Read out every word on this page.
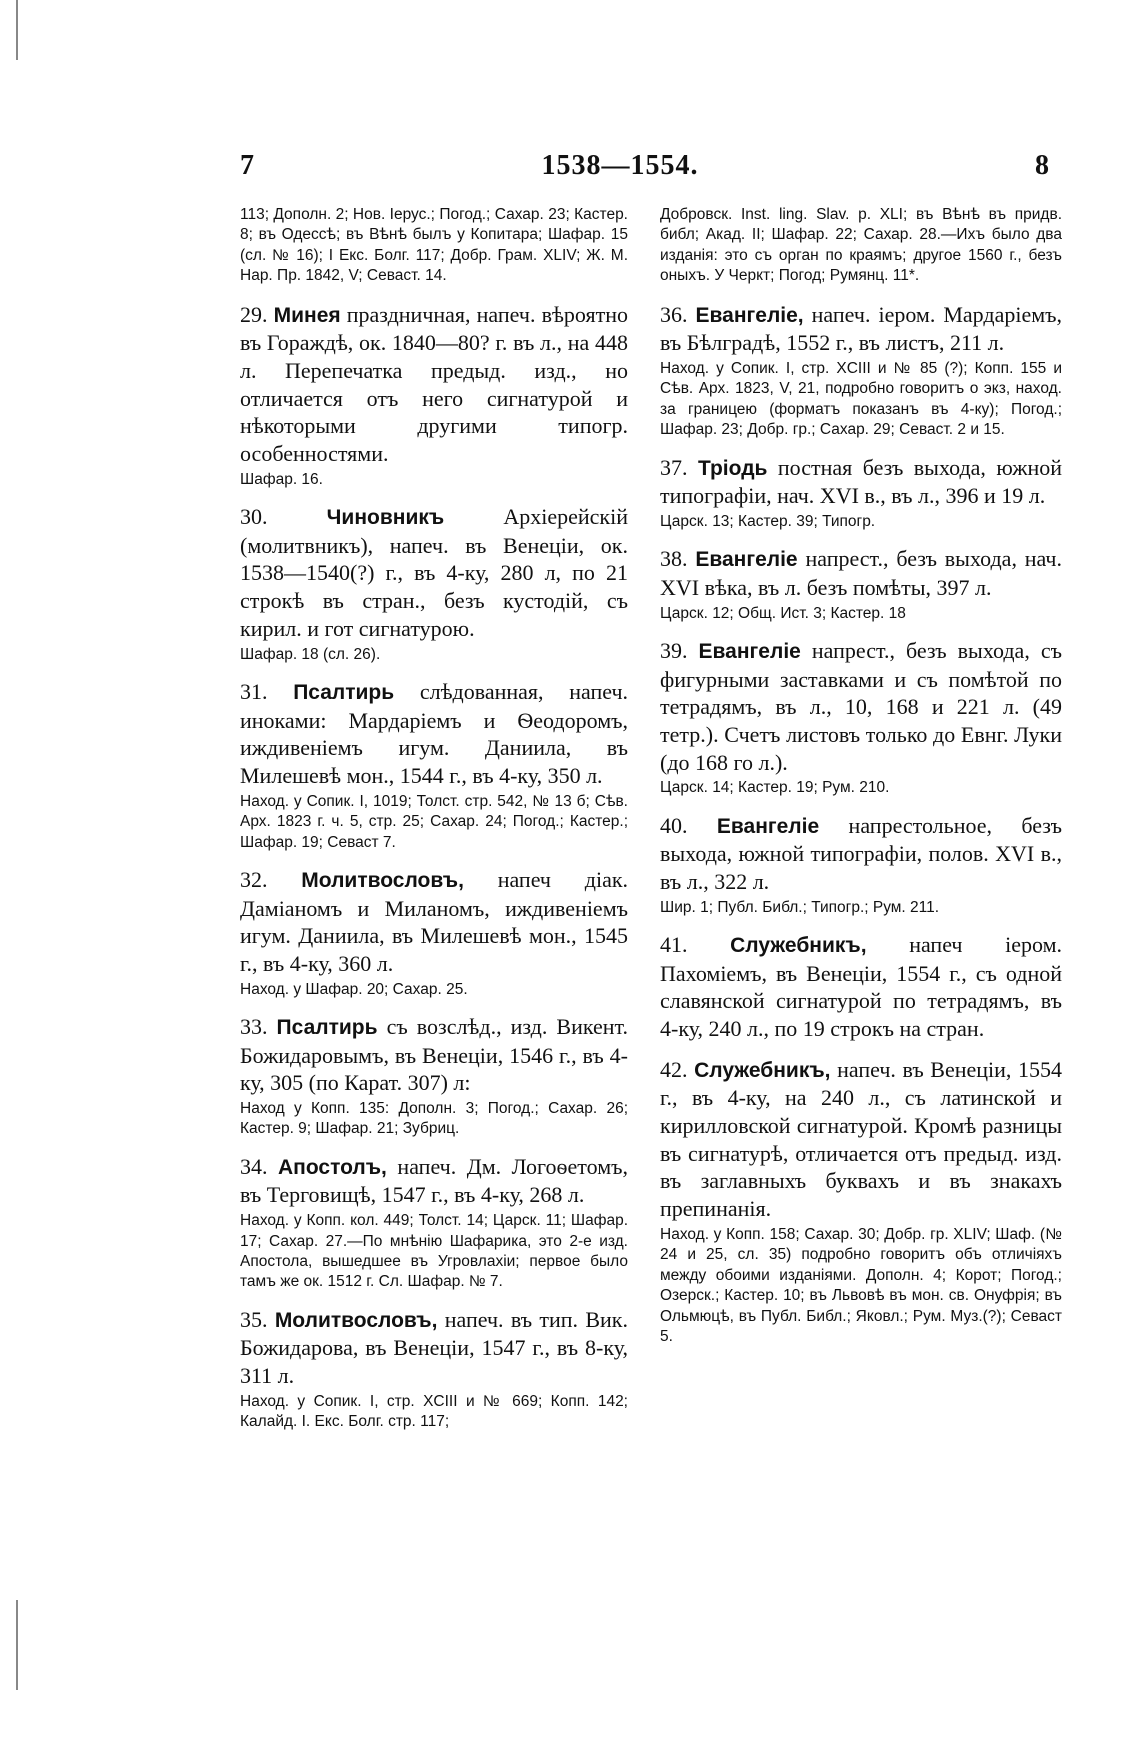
7	1538—1554.	8

113; Дополн. 2; Нов. Iерус.; Погод.; Сахар. 23; Кастер. 8; въ Одессѣ; въ Вѣнѣ былъ у Копитара; Шафар. 15 (сл. № 16); I Екс. Болг. 117; Добр. Грам. XLIV; Ж. М. Нар. Пр. 1842, V; Севаст. 14.

29. Минея праздничная, напеч. вѣроятно въ Гораждѣ, ок. 1840—80? г. въ л., на 448 л. Перепечатка предыд. изд., но отличается отъ него сигнатурой и нѣкоторыми другими типогр. особенностями.

Шафар. 16.

30.	Чиновникъ	Архiерейскiй (молитвникъ), напеч. въ Венецiи, ок. 1538—1540(?) г., въ 4-ку, 280 л, по 21 строкѣ въ стран., безъ кустодiй, съ кирил. и гот сигнатурою.

Шафар. 18 (сл. 26).

31. Псалтирь слѣдованная, напеч. иноками: Мардарiемъ и Ѳеодоромъ, иждивенiемъ игум. Даниила, въ Милешевѣ мон., 1544 г., въ 4-ку, 350 л.

Наход. у Сопик. I, 1019; Толст. стр. 542, № 13 б; Сѣв. Арх. 1823 г. ч. 5, стр. 25; Сахар. 24; Погод.; Кастер.; Шафар. 19; Севаст 7.

32. Молитвословъ, напеч дiак. Дамiаномъ и Миланомъ, иждивенiемъ игум. Даниила, въ Милешевѣ мон., 1545 г., въ 4-ку, 360 л.

Наход. у Шафар. 20; Сахар. 25.

33. Псалтирь съ возслѣд., изд. Викент. Божидаровымъ, въ Венецiи, 1546 г., въ 4-ку, 305 (по Карат. 307) л:

Наход у Копп. 135: Дополн. 3; Погод.; Сахар. 26; Кастер. 9; Шафар. 21; Зубриц.

34. Апостолъ, напеч. Дм. Логоѳетомъ, въ Терговищѣ, 1547 г., въ 4-ку, 268 л.

Наход. у Копп. кол. 449; Толст. 14; Царск. 11; Шафар. 17; Сахар. 27.—По мнѣнiю Шафарика, это 2-е изд. Апостола, вышедшее въ Угровлахiи; первое было тамъ же ок. 1512 г. Сл. Шафар. № 7.

35. Молитвословъ, напеч. въ тип. Вик. Божидарова, въ Венецiи, 1547 г., въ 8-ку, 311 л.

Наход. у Сопик. I, стр. XCIII и № 669; Копп. 142; Калайд. I. Екс. Болг. стр. 117;

Добровск. Inst. ling. Slav. p. XLI; въ Вѣнѣ въ придв. библ; Акад. II; Шафар. 22; Сахар. 28.—Ихъ было два изданія: это съ орган по краямъ; другое 1560 г., безъ оныхъ. У Чеpкт; Погод; Румянц. 11*.

36. Евангелiе, напеч. iером. Мардарiемъ, въ Бѣлградѣ, 1552 г., въ листъ, 211 л.

Наход. у Сопик. I, стр. XCIII и № 85 (?); Копп. 155 и Сѣв. Арх. 1823, V, 21, подробно говоритъ о экз, наход. за границею (форматъ показанъ въ 4-ку); Погод.; Шафар. 23; Добр. гр.; Сахар. 29; Севаст. 2 и 15.

37. Трiодь постная безъ выхода, южной типографiи, нач. XVI в., въ л., 396 и 19 л.

Царск. 13; Кастер. 39; Типогр.

38. Евангелiе напрест., безъ выхода, нач. XVI вѣка, въ л. безъ помѣты, 397 л.

Царск. 12; Общ. Ист. 3; Кастер. 18

39. Евангелiе напрест., безъ выхода, съ фигурными заставками и съ помѣтой по тетрадямъ, въ л., 10, 168 и 221 л. (49 тетр.). Счетъ листовъ только до Евнг. Луки (до 168 го л.).

Царск. 14; Кастер. 19; Рум. 210.

40. Евангелiе напрестольное, безъ выхода, южной типографiи, полов. XVI в., въ л., 322 л.

Шир. 1; Публ. Библ.; Типогр.; Рум. 211.

41. Служебникъ, напеч iером. Пахомiемъ, въ Венецiи, 1554 г., съ одной славянской сигнатурой по тетрадямъ, въ 4-ку, 240 л., по 19 строкъ на стран.

42. Служебникъ, напеч. въ Венецiи, 1554 г., въ 4-ку, на 240 л., съ латинской и кирилловской сигнатурой. Кромѣ разницы въ сигнатурѣ, отличается отъ предыд. изд. въ заглавныхъ буквахъ и въ знакахъ препинанiя.

Наход. у Копп. 158; Сахар. 30; Добр. гр. XLIV; Шаф. (№ 24 и 25, сл. 35) подробно говоритъ объ отличiяхъ между обоими изданiями. Дополн. 4; Корот; Погод.; Озерск.; Кастер. 10; въ Львовѣ въ мон. св. Онуфрiя; въ Ольмюцѣ, въ Публ. Библ.; Яковл.; Рум. Муз.(?); Севаст 5.
